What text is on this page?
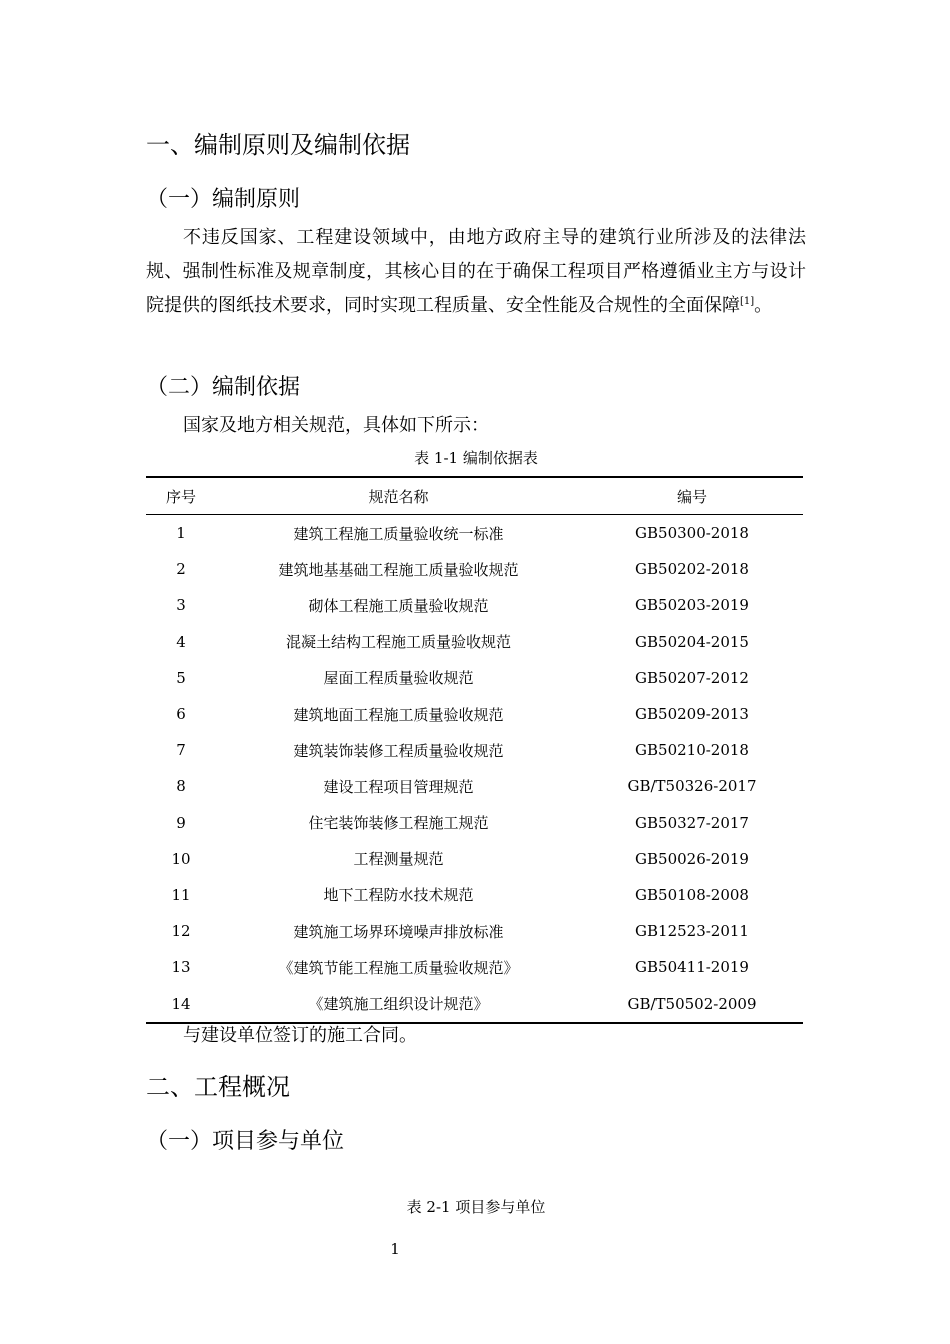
一、编制原则及编制依据
（一）编制原则

不违反国家、工程建设领域中，由地方政府主导的建筑行业所涉及的法律法规、强制性标准及规章制度，其核心目的在于确保工程项目严格遵循业主方与设计院提供的图纸技术要求，同时实现工程质量、安全性能及合规性的全面保障[1]。

（二）编制依据

国家及地方相关规范，具体如下所示：

表 1-1 编制依据表

序号	规范名称	编号
1	建筑工程施工质量验收统一标准	GB50300-2018
2	建筑地基基础工程施工质量验收规范	GB50202-2018
3	砌体工程施工质量验收规范	GB50203-2019
4	混凝土结构工程施工质量验收规范	GB50204-2015
5	屋面工程质量验收规范	GB50207-2012
6	建筑地面工程施工质量验收规范	GB50209-2013
7	建筑装饰装修工程质量验收规范	GB50210-2018
8	建设工程项目管理规范	GB/T50326-2017
9	住宅装饰装修工程施工规范	GB50327-2017
10	工程测量规范	GB50026-2019
11	地下工程防水技术规范	GB50108-2008
12	建筑施工场界环境噪声排放标准	GB12523-2011
13	《建筑节能工程施工质量验收规范》	GB50411-2019
14	《建筑施工组织设计规范》	GB/T50502-2009

与建设单位签订的施工合同。

二、工程概况
（一）项目参与单位

表 2-1 项目参与单位

1
